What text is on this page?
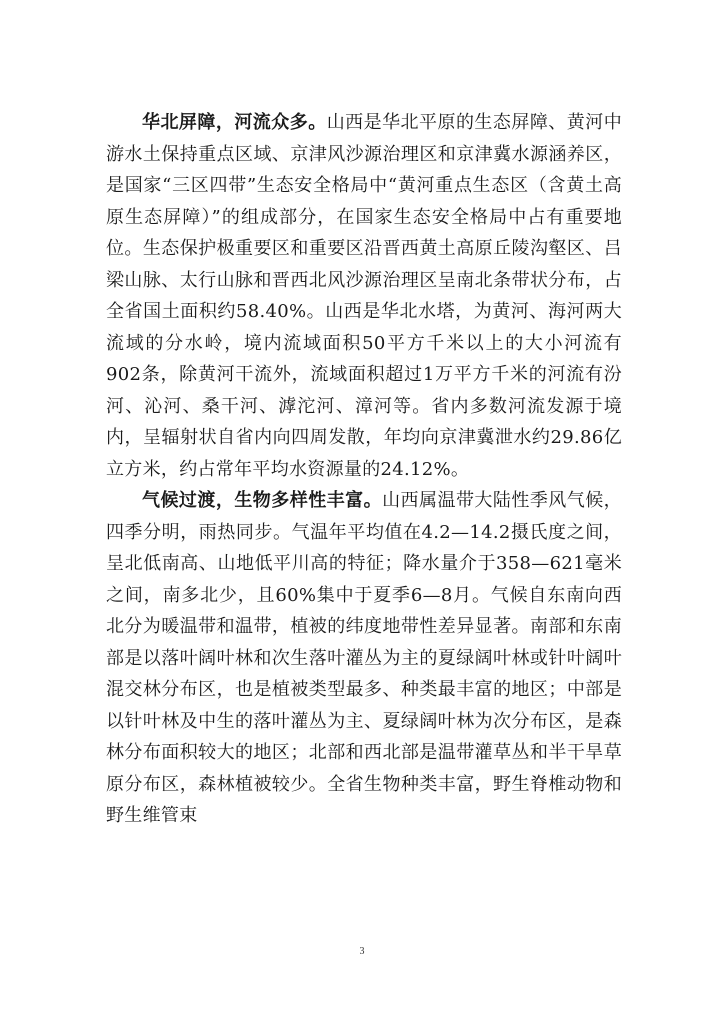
华北屏障，河流众多。山西是华北平原的生态屏障、黄河中游水土保持重点区域、京津风沙源治理区和京津冀水源涵养区，是国家“三区四带”生态安全格局中“黄河重点生态区（含黄土高原生态屏障）”的组成部分，在国家生态安全格局中占有重要地位。生态保护极重要区和重要区沿晋西黄土高原丘陵沟壑区、吕梁山脉、太行山脉和晋西北风沙源治理区呈南北条带状分布，占全省国土面积约58.40%。山西是华北水塔，为黄河、海河两大流域的分水岭，境内流域面积50平方千米以上的大小河流有902条，除黄河干流外，流域面积超过1万平方千米的河流有汾河、沁河、桑干河、滹沱河、漳河等。省内多数河流发源于境内，呈辐射状自省内向四周发散，年均向京津冀泄水约29.86亿立方米，约占常年平均水资源量的24.12%。

气候过渡，生物多样性丰富。山西属温带大陆性季风气候，四季分明，雨热同步。气温年平均值在4.2—14.2摄氏度之间，呈北低南高、山地低平川高的特征；降水量介于358—621毫米之间，南多北少，且60%集中于夏季6—8月。气候自东南向西北分为暖温带和温带，植被的纬度地带性差异显著。南部和东南部是以落叶阔叶林和次生落叶灌丛为主的夏绿阔叶林或针叶阔叶混交林分布区，也是植被类型最多、种类最丰富的地区；中部是以针叶林及中生的落叶灌丛为主、夏绿阔叶林为次分布区，是森林分布面积较大的地区；北部和西北部是温带灌草丛和半干旱草原分布区，森林植被较少。全省生物种类丰富，野生脊椎动物和野生维管束

3
